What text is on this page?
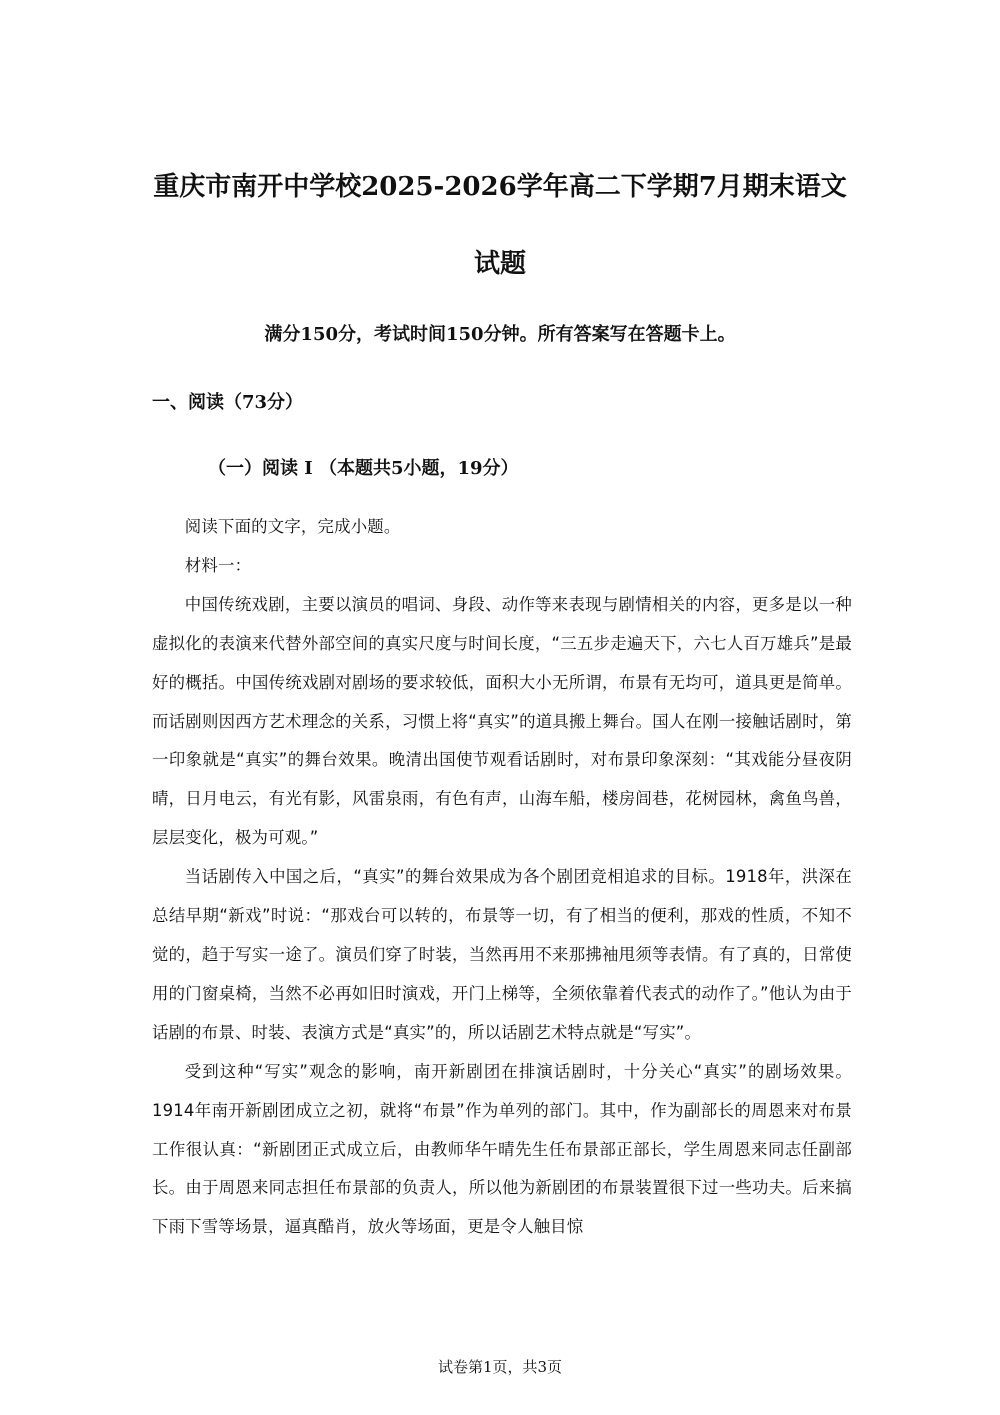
重庆市南开中学校2025-2026学年高二下学期7月期末语文
试题

满分150分，考试时间150分钟。所有答案写在答题卡上。

一、阅读（73分）
（一）阅读 I （本题共5小题，19分）

阅读下面的文字，完成小题。

材料一：

中国传统戏剧，主要以演员的唱词、身段、动作等来表现与剧情相关的内容，更多是以一种虚拟化的表演来代替外部空间的真实尺度与时间长度，“三五步走遍天下，六七人百万雄兵”是最好的概括。中国传统戏剧对剧场的要求较低，面积大小无所谓，布景有无均可，道具更是简单。而话剧则因西方艺术理念的关系，习惯上将“真实”的道具搬上舞台。国人在刚一接触话剧时，第一印象就是“真实”的舞台效果。晚清出国使节观看话剧时，对布景印象深刻：“其戏能分昼夜阴晴，日月电云，有光有影，风雷泉雨，有色有声，山海车船，楼房闾巷，花树园林，禽鱼鸟兽，层层变化，极为可观。”

当话剧传入中国之后，“真实”的舞台效果成为各个剧团竞相追求的目标。1918年，洪深在总结早期“新戏”时说：“那戏台可以转的，布景等一切，有了相当的便利，那戏的性质，不知不觉的，趋于写实一途了。演员们穿了时装，当然再用不来那拂袖甩须等表情。有了真的，日常使用的门窗桌椅，当然不必再如旧时演戏，开门上梯等，全须依靠着代表式的动作了。”他认为由于话剧的布景、时装、表演方式是“真实”的，所以话剧艺术特点就是“写实”。

受到这种“写实”观念的影响，南开新剧团在排演话剧时，十分关心“真实”的剧场效果。1914年南开新剧团成立之初，就将“布景”作为单列的部门。其中，作为副部长的周恩来对布景工作很认真：“新剧团正式成立后，由教师华午晴先生任布景部正部长，学生周恩来同志任副部长。由于周恩来同志担任布景部的负责人，所以他为新剧团的布景装置很下过一些功夫。后来搞下雨下雪等场景，逼真酷肖，放火等场面，更是令人触目惊

试卷第1页，共3页
